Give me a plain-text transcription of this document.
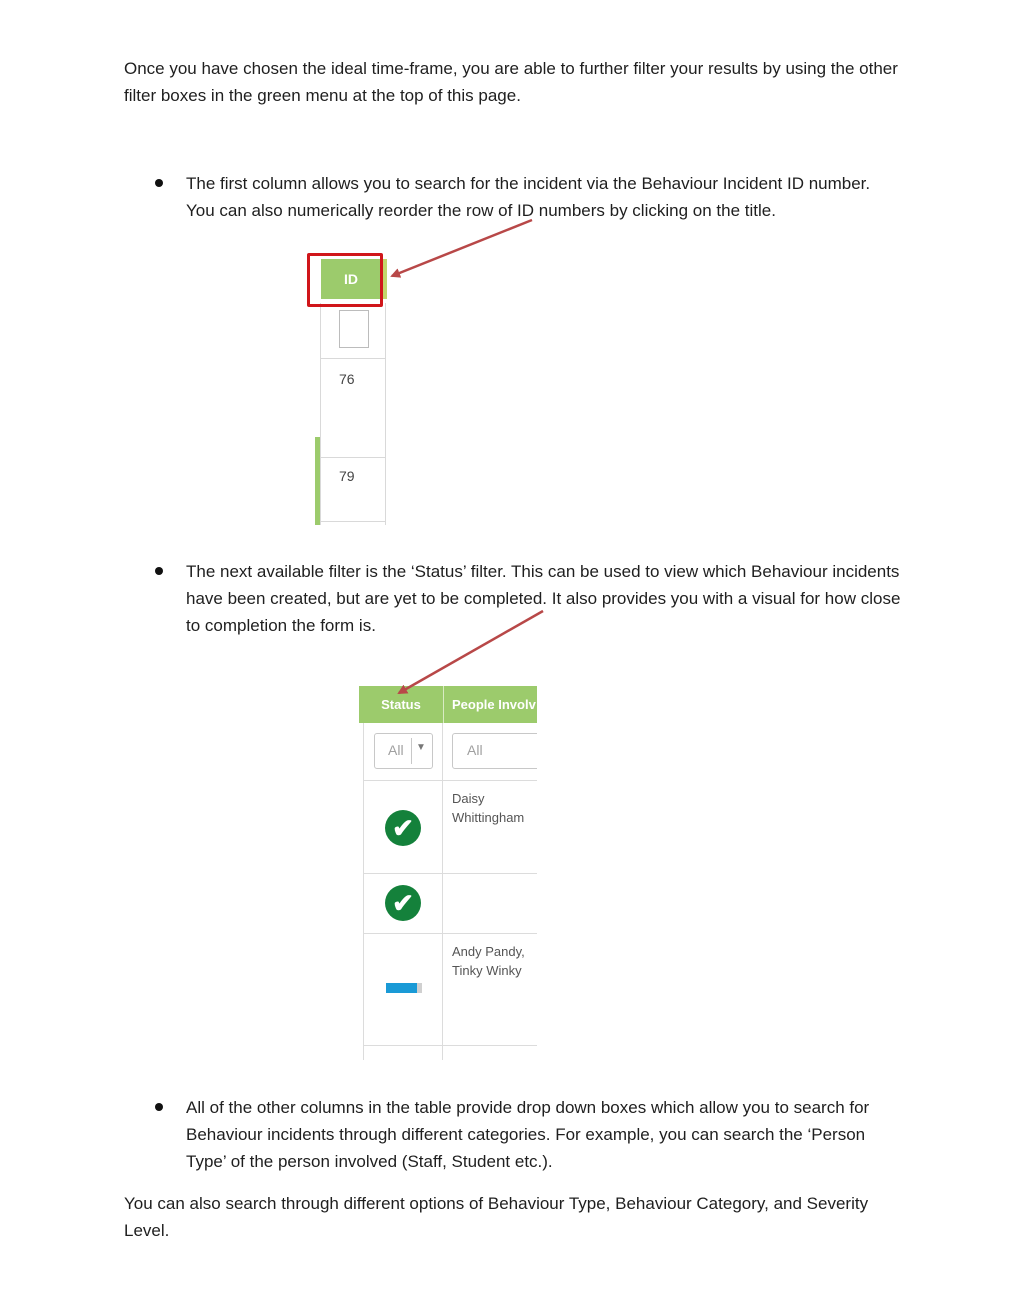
Once you have chosen the ideal time-frame, you are able to further filter your results by using the other filter boxes in the green menu at the top of this page.
The first column allows you to search for the incident via the Behaviour Incident ID number. You can also numerically reorder the row of ID numbers by clicking on the title.
ID
76
79
The next available filter is the ‘Status’ filter. This can be used to view which Behaviour incidents have been created, but are yet to be completed. It also provides you with a visual for how close to completion the form is.
Status	People Involv
All ▼	All
✔
Daisy
Whittingham
✔
Andy Pandy,
Tinky Winky
All of the other columns in the table provide drop down boxes which allow you to search for Behaviour incidents through different categories. For example, you can search the ‘Person Type’ of the person involved (Staff, Student etc.).
You can also search through different options of Behaviour Type, Behaviour Category, and Severity Level.
